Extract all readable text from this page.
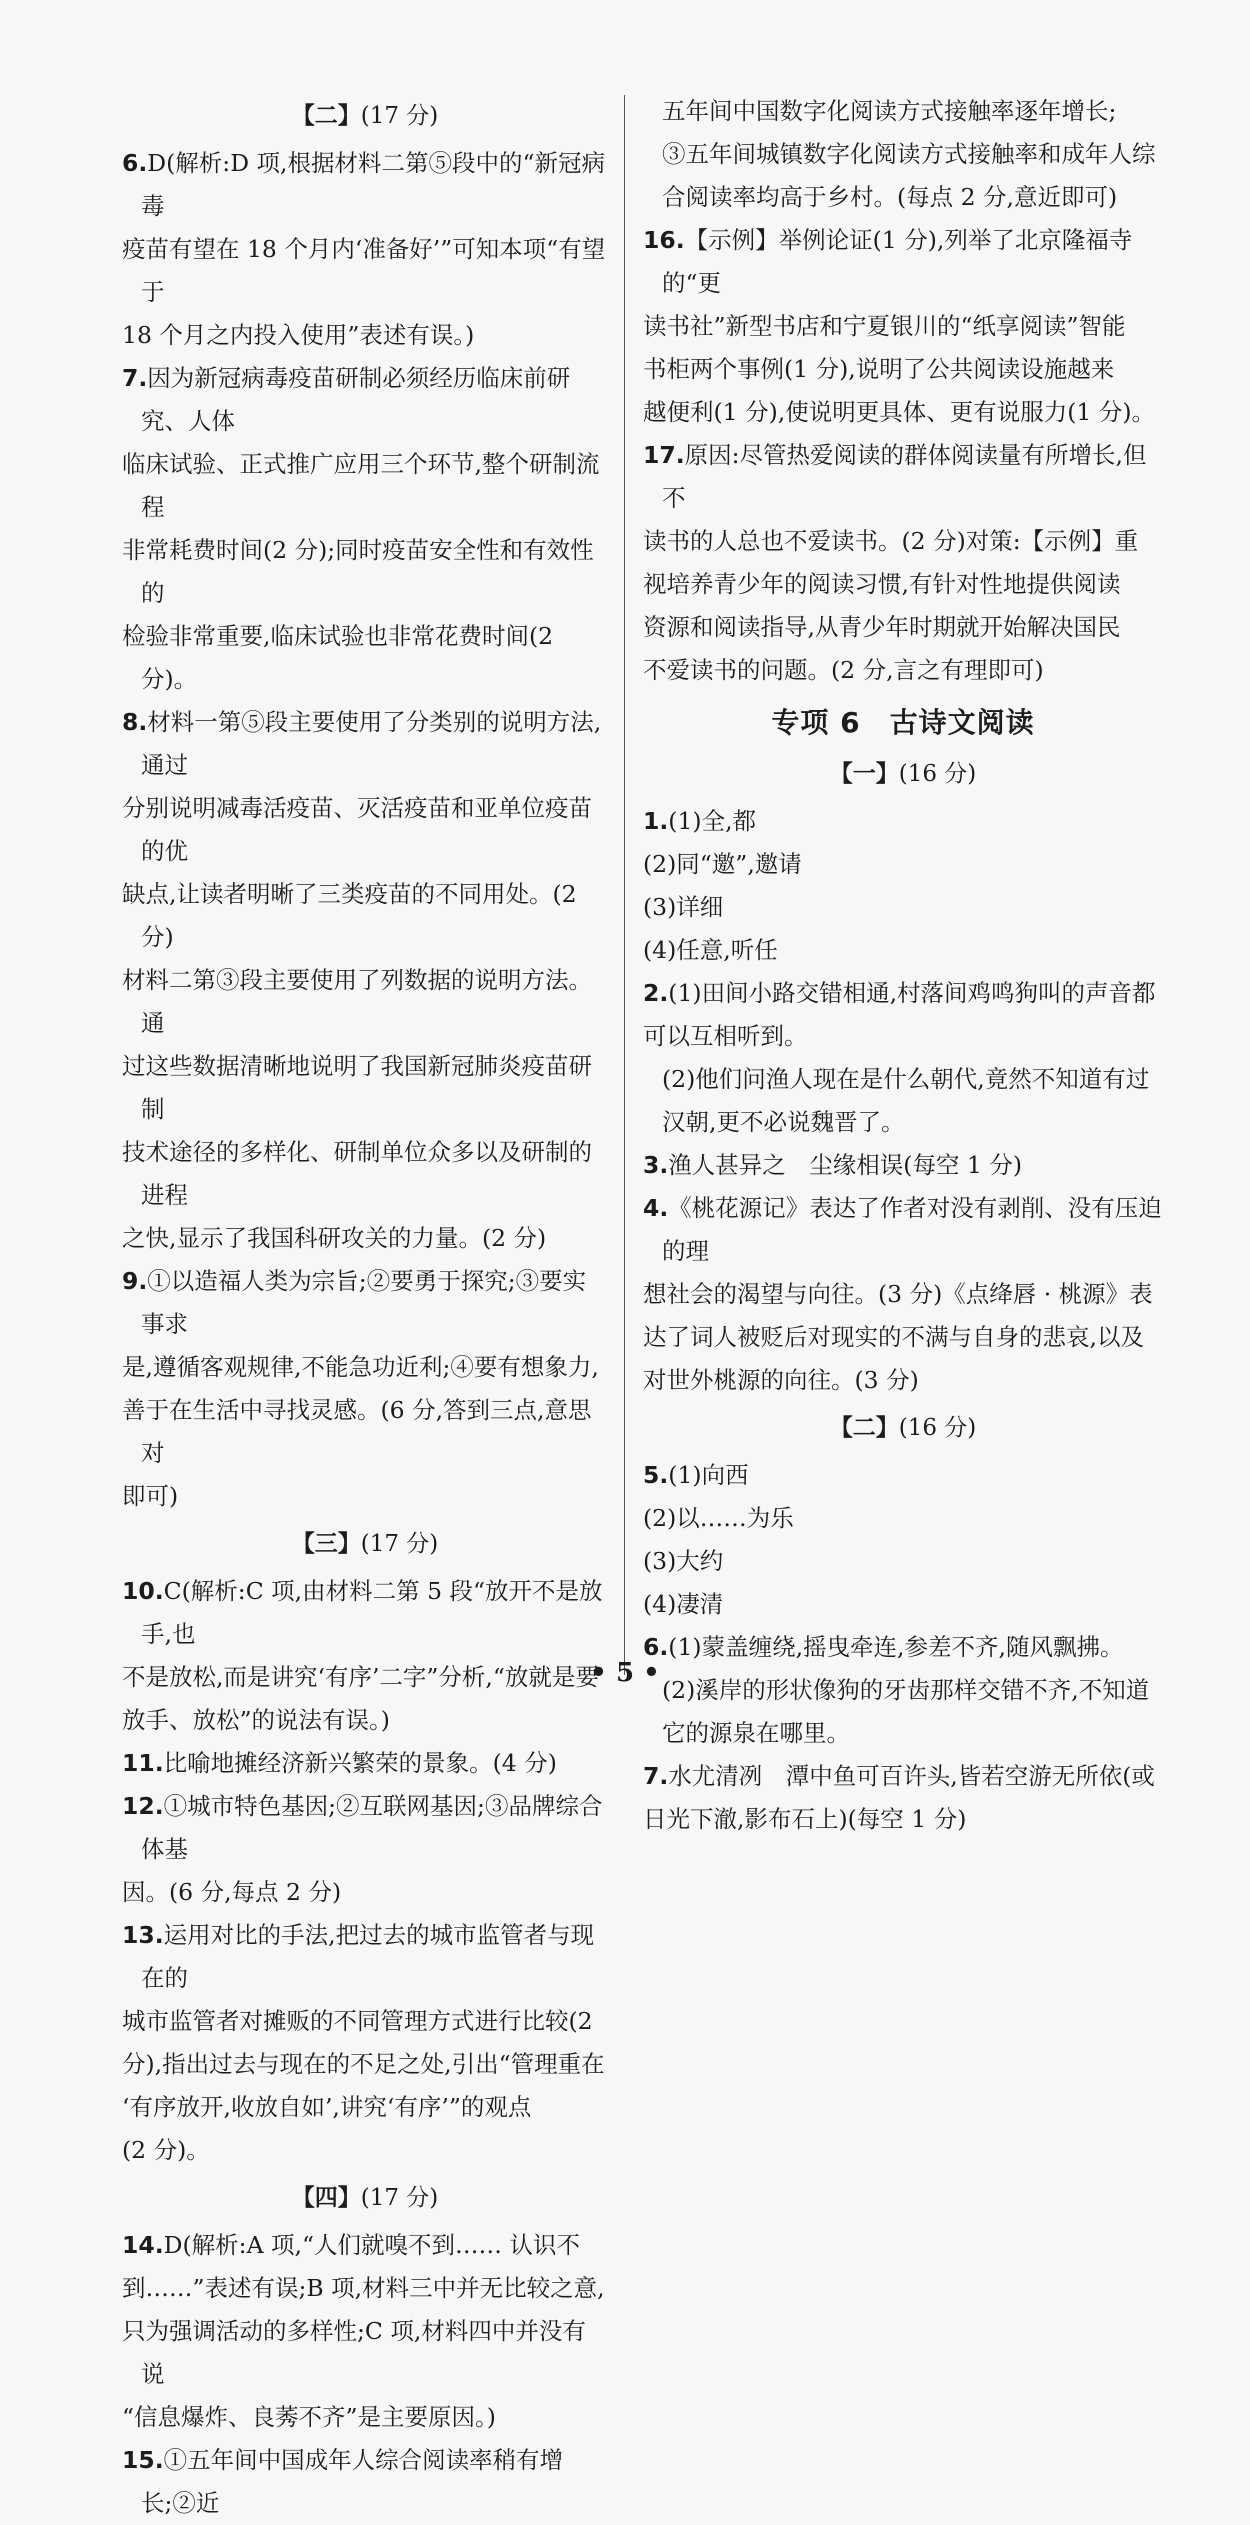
【二】(17 分)

6.D(解析:D 项,根据材料二第⑤段中的“新冠病毒
疫苗有望在 18 个月内‘准备好’”可知本项“有望于
18 个月之内投入使用”表述有误。)

7.因为新冠病毒疫苗研制必须经历临床前研究、人体
临床试验、正式推广应用三个环节,整个研制流程
非常耗费时间(2 分);同时疫苗安全性和有效性的
检验非常重要,临床试验也非常花费时间(2 分)。

8.材料一第⑤段主要使用了分类别的说明方法,通过
分别说明减毒活疫苗、灭活疫苗和亚单位疫苗的优
缺点,让读者明晰了三类疫苗的不同用处。(2 分)
材料二第③段主要使用了列数据的说明方法。通
过这些数据清晰地说明了我国新冠肺炎疫苗研制
技术途径的多样化、研制单位众多以及研制的进程
之快,显示了我国科研攻关的力量。(2 分)

9.①以造福人类为宗旨;②要勇于探究;③要实事求
是,遵循客观规律,不能急功近利;④要有想象力,
善于在生活中寻找灵感。(6 分,答到三点,意思对
即可)

【三】(17 分)

10.C(解析:C 项,由材料二第 5 段“放开不是放手,也
不是放松,而是讲究‘有序’二字”分析,“放就是要
放手、放松”的说法有误。)

11.比喻地摊经济新兴繁荣的景象。(4 分)

12.①城市特色基因;②互联网基因;③品牌综合体基
因。(6 分,每点 2 分)

13.运用对比的手法,把过去的城市监管者与现在的
城市监管者对摊贩的不同管理方式进行比较(2
分),指出过去与现在的不足之处,引出“管理重在
‘有序放开,收放自如’,讲究‘有序’”的观点
(2 分)。

【四】(17 分)

14.D(解析:A 项,“人们就嗅不到…… 认识不
到……”表述有误;B 项,材料三中并无比较之意,
只为强调活动的多样性;C 项,材料四中并没有说
“信息爆炸、良莠不齐”是主要原因。)

15.①五年间中国成年人综合阅读率稍有增长;②近

五年间中国数字化阅读方式接触率逐年增长;
③五年间城镇数字化阅读方式接触率和成年人综
合阅读率均高于乡村。(每点 2 分,意近即可)

16.【示例】举例论证(1 分),列举了北京隆福寺的“更
读书社”新型书店和宁夏银川的“纸享阅读”智能
书柜两个事例(1 分),说明了公共阅读设施越来
越便利(1 分),使说明更具体、更有说服力(1 分)。

17.原因:尽管热爱阅读的群体阅读量有所增长,但不
读书的人总也不爱读书。(2 分)对策:【示例】重
视培养青少年的阅读习惯,有针对性地提供阅读
资源和阅读指导,从青少年时期就开始解决国民
不爱读书的问题。(2 分,言之有理即可)

专项 6　古诗文阅读
【一】(16 分)

1.(1)全,都
(2)同“邀”,邀请
(3)详细
(4)任意,听任

2.(1)田间小路交错相通,村落间鸡鸣狗叫的声音都
可以互相听到。

(2)他们问渔人现在是什么朝代,竟然不知道有过
汉朝,更不必说魏晋了。

3.渔人甚异之　尘缘相误(每空 1 分)

4.《桃花源记》表达了作者对没有剥削、没有压迫的理
想社会的渴望与向往。(3 分)《点绛唇 · 桃源》表
达了词人被贬后对现实的不满与自身的悲哀,以及
对世外桃源的向往。(3 分)

【二】(16 分)

5.(1)向西
(2)以……为乐
(3)大约
(4)凄清

6.(1)蒙盖缠绕,摇曳牵连,参差不齐,随风飘拂。

(2)溪岸的形状像狗的牙齿那样交错不齐,不知道
它的源泉在哪里。

7.水尤清冽　潭中鱼可百许头,皆若空游无所依(或
日光下澈,影布石上)(每空 1 分)

• 5 •
